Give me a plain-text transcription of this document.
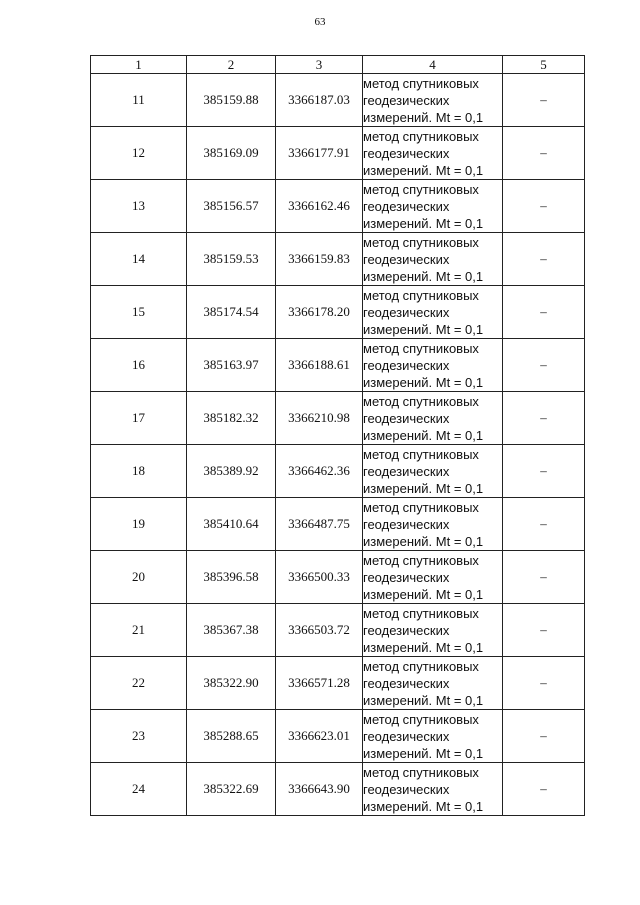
63
1	2	3	4	5
11	385159.88	3366187.03	метод спутниковых
геодезических
измерений. Mt = 0,1	–
12	385169.09	3366177.91	метод спутниковых
геодезических
измерений. Mt = 0,1	–
13	385156.57	3366162.46	метод спутниковых
геодезических
измерений. Mt = 0,1	–
14	385159.53	3366159.83	метод спутниковых
геодезических
измерений. Mt = 0,1	–
15	385174.54	3366178.20	метод спутниковых
геодезических
измерений. Mt = 0,1	–
16	385163.97	3366188.61	метод спутниковых
геодезических
измерений. Mt = 0,1	–
17	385182.32	3366210.98	метод спутниковых
геодезических
измерений. Mt = 0,1	–
18	385389.92	3366462.36	метод спутниковых
геодезических
измерений. Mt = 0,1	–
19	385410.64	3366487.75	метод спутниковых
геодезических
измерений. Mt = 0,1	–
20	385396.58	3366500.33	метод спутниковых
геодезических
измерений. Mt = 0,1	–
21	385367.38	3366503.72	метод спутниковых
геодезических
измерений. Mt = 0,1	–
22	385322.90	3366571.28	метод спутниковых
геодезических
измерений. Mt = 0,1	–
23	385288.65	3366623.01	метод спутниковых
геодезических
измерений. Mt = 0,1	–
24	385322.69	3366643.90	метод спутниковых
геодезических
измерений. Mt = 0,1	–
